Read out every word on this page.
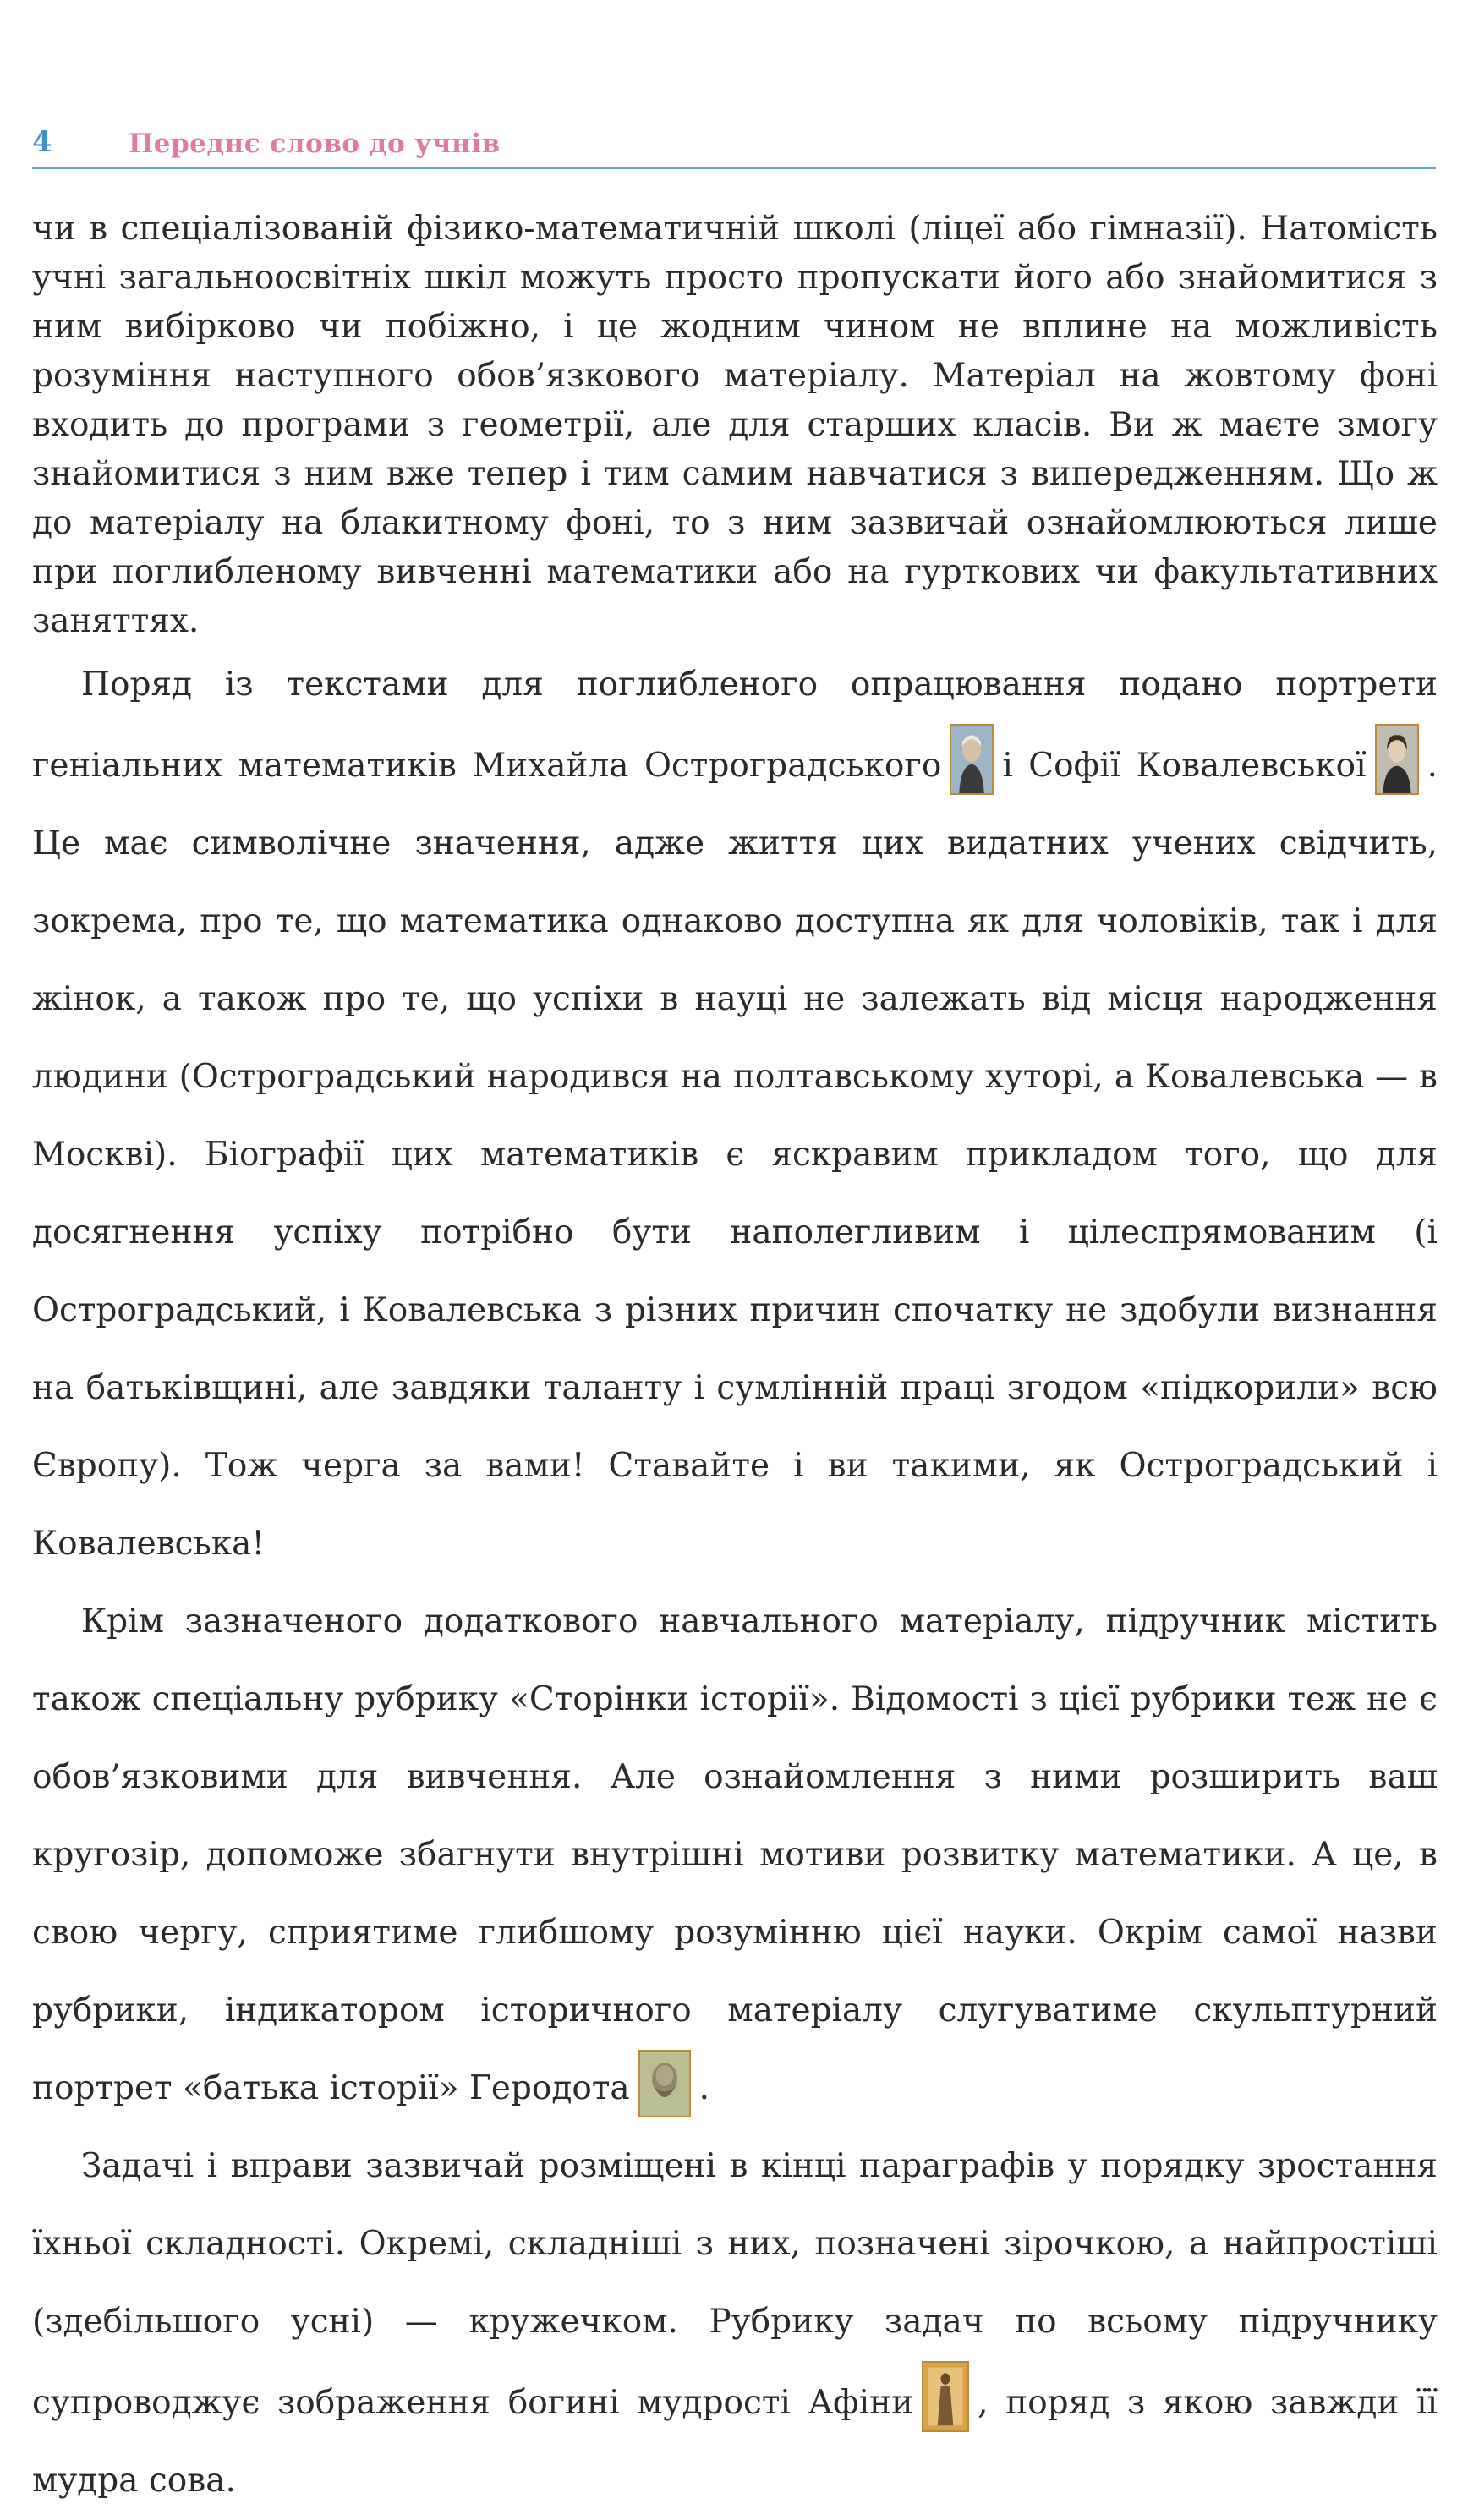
4	Переднє слово до учнів

чи в спеціалізованій фізико-математичній школі (ліцеї або гімназії). Натомість учні загальноосвітніх шкіл можуть просто пропускати його або знайомитися з ним вибірково чи побіжно, і це жодним чином не вплине на можливість розуміння наступного обов’язкового матеріалу. Матеріал на жовтому фоні входить до програми з геометрії, але для старших класів. Ви ж маєте змогу знайомитися з ним вже тепер і тим самим навчатися з випередженням. Що ж до матеріалу на блакитному фоні, то з ним зазвичай ознайомлюються лише при поглибленому вивченні математики або на гурткових чи факультативних заняттях.

Поряд із текстами для поглибленого опрацювання подано портрети геніальних математиків Михайла Остроградського і Софії Ковалевської . Це має символічне значення, адже життя цих видатних учених свідчить, зокрема, про те, що математика однаково доступна як для чоловіків, так і для жінок, а також про те, що успіхи в науці не залежать від місця народження людини (Остроградський народився на полтавському хуторі, а Ковалевська — в Москві). Біографії цих математиків є яскравим прикладом того, що для досягнення успіху потрібно бути наполегливим і цілеспрямованим (і Остроградський, і Ковалевська з різних причин спочатку не здобули визнання на батьківщині, але завдяки таланту і сумлінній праці згодом «підкорили» всю Європу). Тож черга за вами! Ставайте і ви такими, як Остроградський і Ковалевська!

Крім зазначеного додаткового навчального матеріалу, підручник містить також спеціальну рубрику «Сторінки історії». Відомості з цієї рубрики теж не є обов’язковими для вивчення. Але ознайомлення з ними розширить ваш кругозір, допоможе збагнути внутрішні мотиви розвитку математики. А це, в свою чергу, сприятиме глибшому розумінню цієї науки. Окрім самої назви рубрики, індикатором історичного матеріалу слугуватиме скульптурний портрет «батька історії» Геродота .

Задачі і вправи зазвичай розміщені в кінці параграфів у порядку зростання їхньої складності. Окремі, складніші з них, позначені зірочкою, а найпростіші (здебільшого усні) — кружечком. Рубрику задач по всьому підручнику супроводжує зображення богині мудрості Афіни , поряд з якою завжди її мудра сова.
